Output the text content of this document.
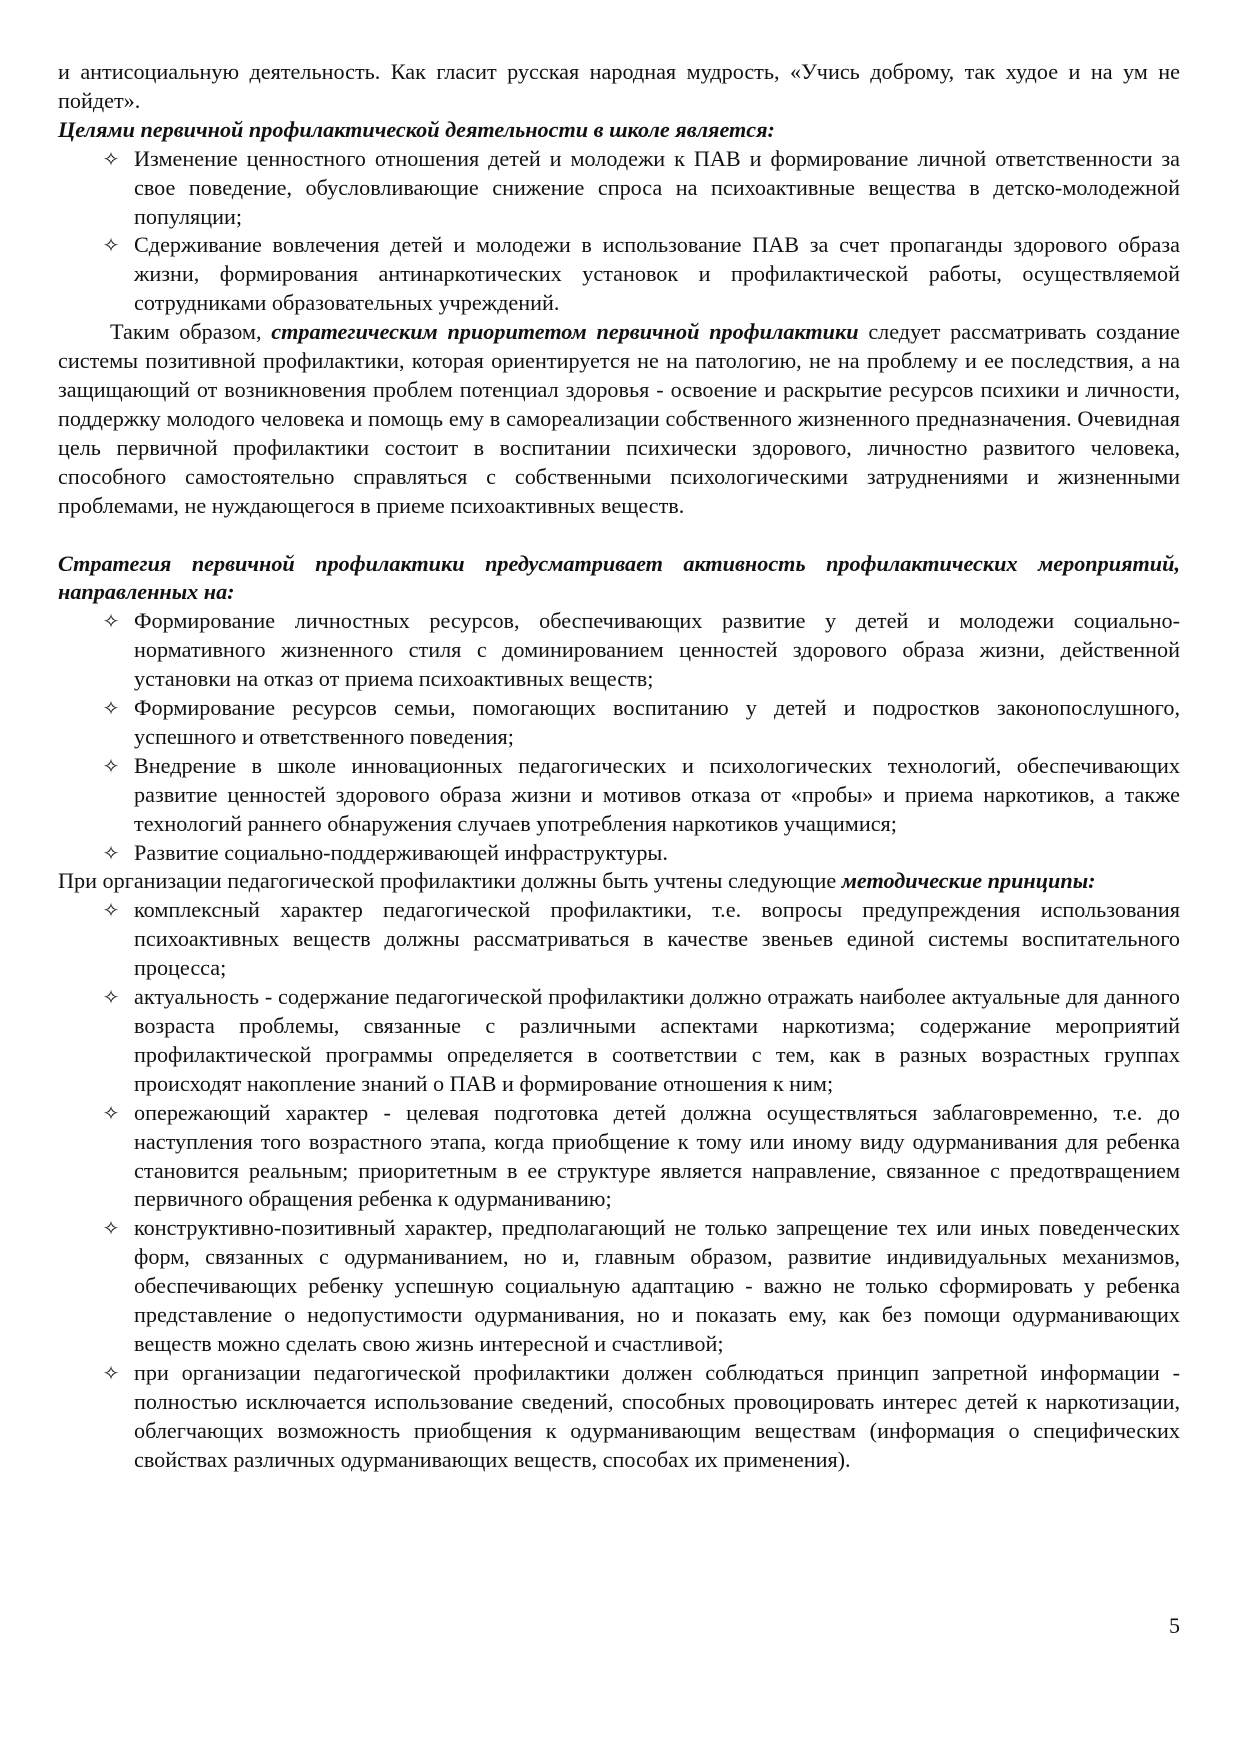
и антисоциальную деятельность. Как гласит русская народная мудрость, «Учись доброму, так худое и на ум не пойдет».

Целями первичной профилактической деятельности в школе является:

✧ Изменение ценностного отношения детей и молодежи к ПАВ и формирование личной ответственности за свое поведение, обусловливающие снижение спроса на психоактивные вещества в детско-молодежной популяции;
✧ Сдерживание вовлечения детей и молодежи в использование ПАВ за счет пропаганды здорового образа жизни, формирования антинаркотических установок и профилактической работы, осуществляемой сотрудниками образовательных учреждений.

Таким образом, стратегическим приоритетом первичной профилактики следует рассматривать создание системы позитивной профилактики, которая ориентируется не на патологию, не на проблему и ее последствия, а на защищающий от возникновения проблем потенциал здоровья - освоение и раскрытие ресурсов психики и личности, поддержку молодого человека и помощь ему в самореализации собственного жизненного предназначения. Очевидная цель первичной профилактики состоит в воспитании психически здорового, личностно развитого человека, способного самостоятельно справляться с собственными психологическими затруднениями и жизненными проблемами, не нуждающегося в приеме психоактивных веществ.

Стратегия первичной профилактики предусматривает активность профилактических мероприятий, направленных на:

✧ Формирование личностных ресурсов, обеспечивающих развитие у детей и молодежи социально-нормативного жизненного стиля с доминированием ценностей здорового образа жизни, действенной установки на отказ от приема психоактивных веществ;
✧ Формирование ресурсов семьи, помогающих воспитанию у детей и подростков законопослушного, успешного и ответственного поведения;
✧ Внедрение в школе инновационных педагогических и психологических технологий, обеспечивающих развитие ценностей здорового образа жизни и мотивов отказа от «пробы» и приема наркотиков, а также технологий раннего обнаружения случаев употребления наркотиков учащимися;
✧ Развитие социально-поддерживающей инфраструктуры.

При организации педагогической профилактики должны быть учтены следующие методические принципы:

✧ комплексный характер педагогической профилактики, т.е. вопросы предупреждения использования психоактивных веществ должны рассматриваться в качестве звеньев единой системы воспитательного процесса;
✧ актуальность - содержание педагогической профилактики должно отражать наиболее актуальные для данного возраста проблемы, связанные с различными аспектами наркотизма; содержание мероприятий профилактической программы определяется в соответствии с тем, как в разных возрастных группах происходят накопление знаний о ПАВ и формирование отношения к ним;
✧ опережающий характер - целевая подготовка детей должна осуществляться заблаговременно, т.е. до наступления того возрастного этапа, когда приобщение к тому или иному виду одурманивания для ребенка становится реальным; приоритетным в ее структуре является направление, связанное с предотвращением первичного обращения ребенка к одурманиванию;
✧ конструктивно-позитивный характер, предполагающий не только запрещение тех или иных поведенческих форм, связанных с одурманиванием, но и, главным образом, развитие индивидуальных механизмов, обеспечивающих ребенку успешную социальную адаптацию - важно не только сформировать у ребенка представление о недопустимости одурманивания, но и показать ему, как без помощи одурманивающих веществ можно сделать свою жизнь интересной и счастливой;
✧ при организации педагогической профилактики должен соблюдаться принцип запретной информации - полностью исключается использование сведений, способных провоцировать интерес детей к наркотизации, облегчающих возможность приобщения к одурманивающим веществам (информация о специфических свойствах различных одурманивающих веществ, способах их применения).
5
